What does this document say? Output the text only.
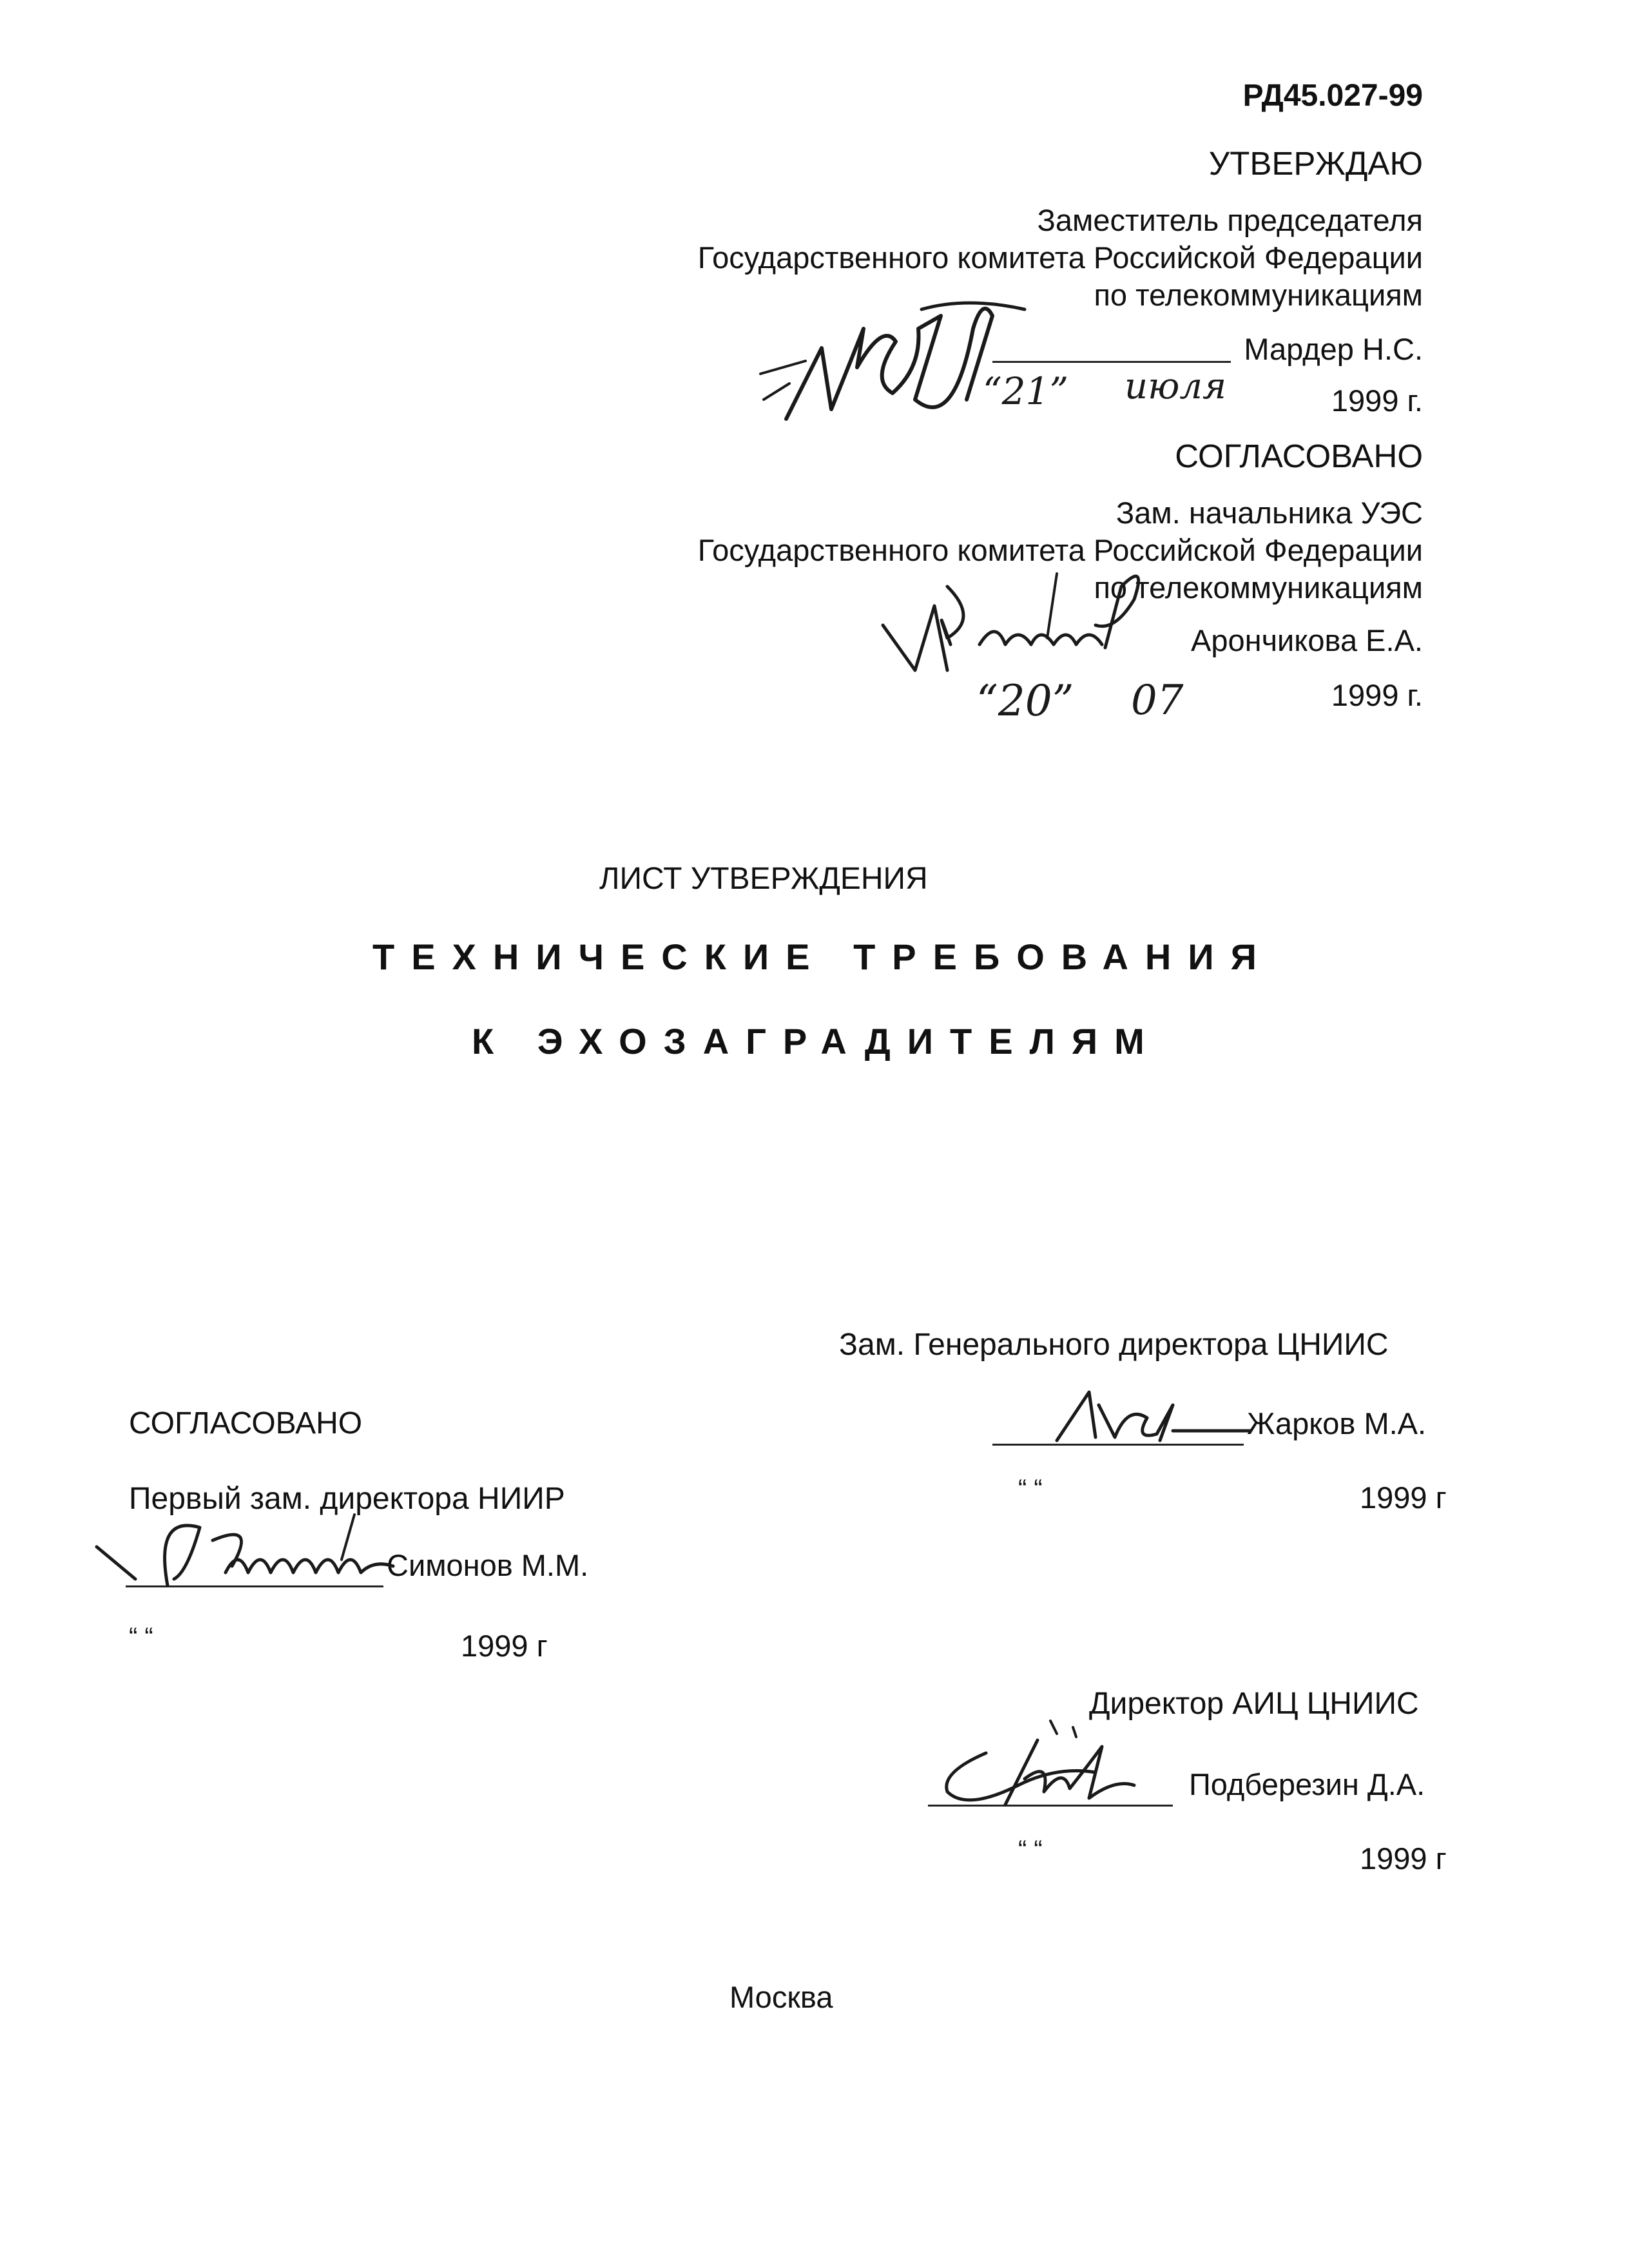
РД45.027-99
УТВЕРЖДАЮ
Заместитель председателя
Государственного комитета Российской Федерации
по телекоммуникациям
Мардер Н.С.
“21” июля	1999 г.
СОГЛАСОВАНО
Зам. начальника УЭС
Государственного комитета Российской Федерации
по телекоммуникациям
Арончикова Е.А.
“20” 07	1999 г.
ЛИСТ УТВЕРЖДЕНИЯ
ТЕХНИЧЕСКИЕ ТРЕБОВАНИЯ
К ЭХОЗАГРАДИТЕЛЯМ
Зам. Генерального директора ЦНИИС
Жарков М.А.
“ “	1999 г
Директор АИЦ ЦНИИС
Подберезин Д.А.
“ “	1999 г
СОГЛАСОВАНО
Первый зам. директора НИИР
Симонов М.М.
“ “	1999 г
Москва
